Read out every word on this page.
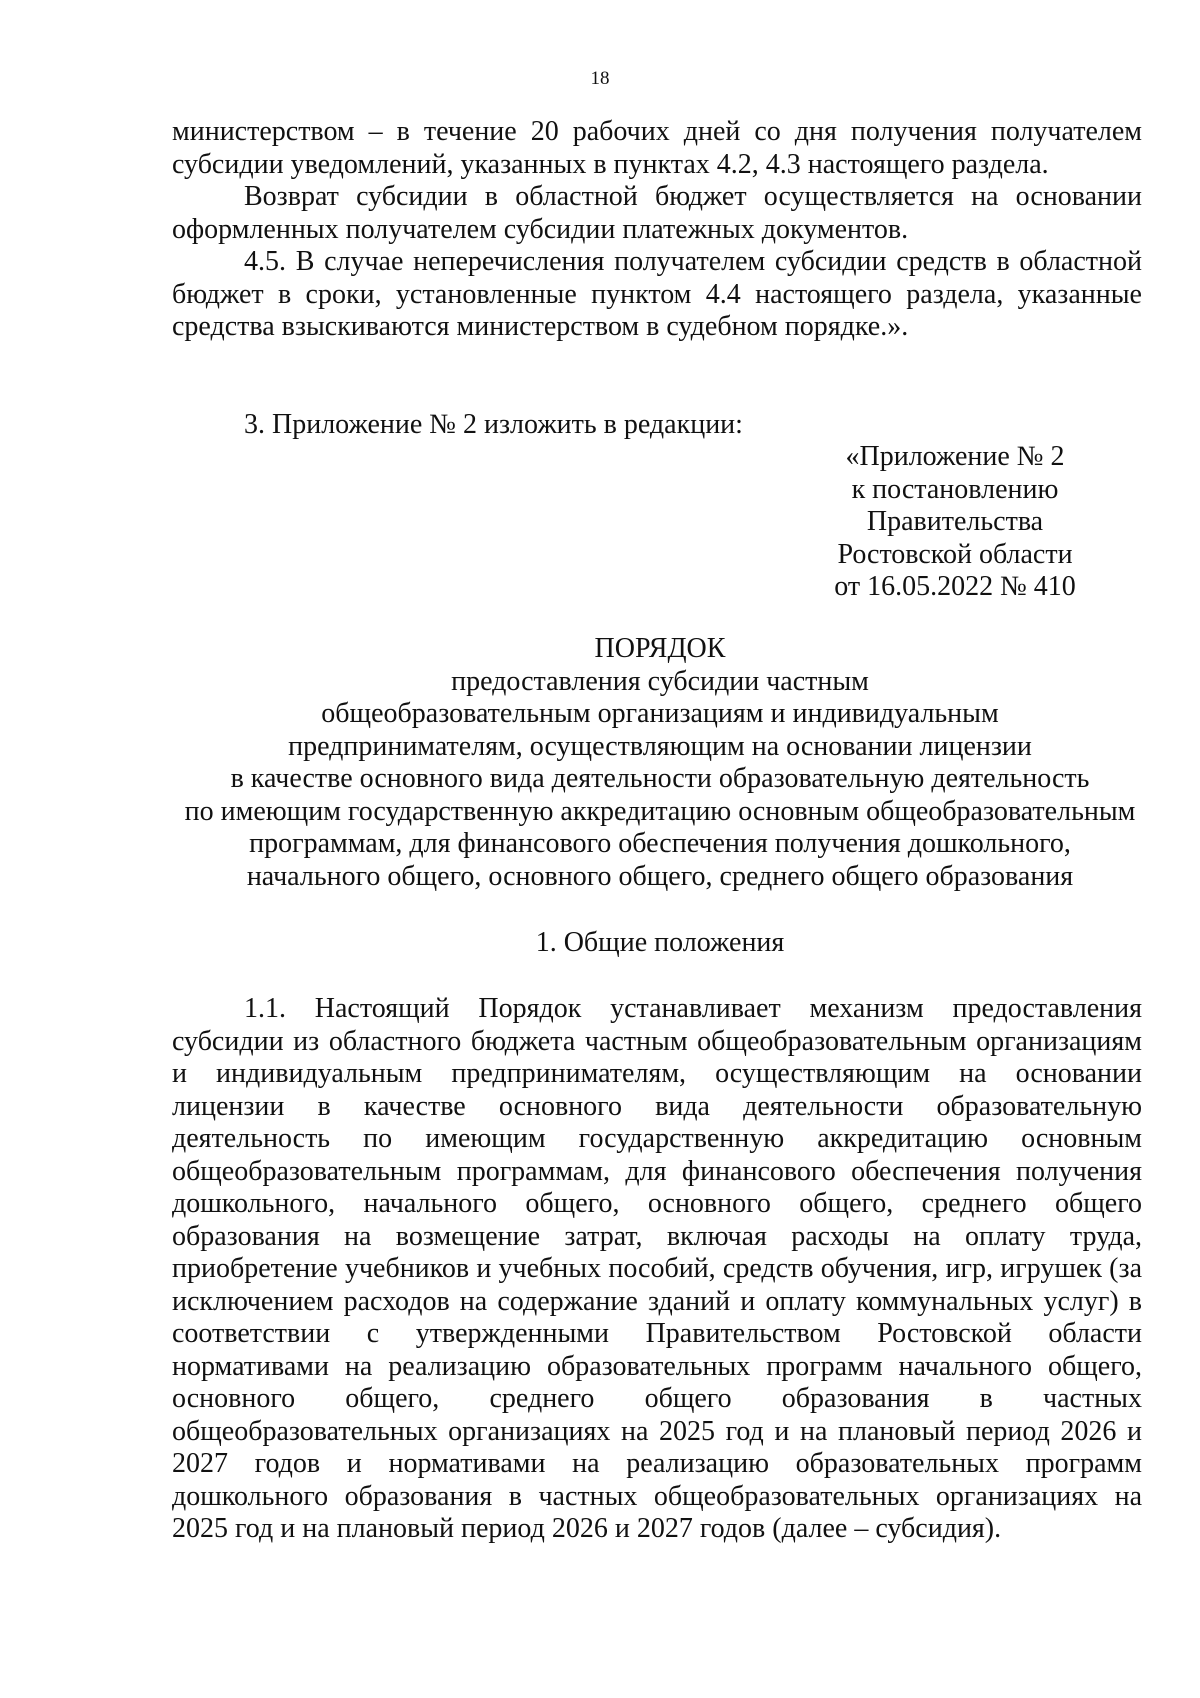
18

министерством – в течение 20 рабочих дней со дня получения получателем субсидии уведомлений, указанных в пунктах 4.2, 4.3 настоящего раздела.

Возврат субсидии в областной бюджет осуществляется на основании оформленных получателем субсидии платежных документов.

4.5. В случае неперечисления получателем субсидии средств в областной бюджет в сроки, установленные пунктом 4.4 настоящего раздела, указанные средства взыскиваются министерством в судебном порядке.».

3. Приложение № 2 изложить в редакции:
«Приложение № 2
к постановлению
Правительства
Ростовской области
от 16.05.2022 № 410
ПОРЯДОК
предоставления субсидии частным
общеобразовательным организациям и индивидуальным
предпринимателям, осуществляющим на основании лицензии
в качестве основного вида деятельности образовательную деятельность
по имеющим государственную аккредитацию основным общеобразовательным
программам, для финансового обеспечения получения дошкольного,
начального общего, основного общего, среднего общего образования
1. Общие положения

1.1. Настоящий Порядок устанавливает механизм предоставления субсидии из областного бюджета частным общеобразовательным организациям и индивидуальным предпринимателям, осуществляющим на основании лицензии в качестве основного вида деятельности образовательную деятельность по имеющим государственную аккредитацию основным общеобразовательным программам, для финансового обеспечения получения дошкольного, начального общего, основного общего, среднего общего образования на возмещение затрат, включая расходы на оплату труда, приобретение учебников и учебных пособий, средств обучения, игр, игрушек (за исключением расходов на содержание зданий и оплату коммунальных услуг) в соответствии с утвержденными Правительством Ростовской области нормативами на реализацию образовательных программ начального общего, основного общего, среднего общего образования в частных общеобразовательных организациях на 2025 год и на плановый период 2026 и 2027 годов и нормативами на реализацию образовательных программ дошкольного образования в частных общеобразовательных организациях на 2025 год и на плановый период 2026 и 2027 годов (далее – субсидия).
